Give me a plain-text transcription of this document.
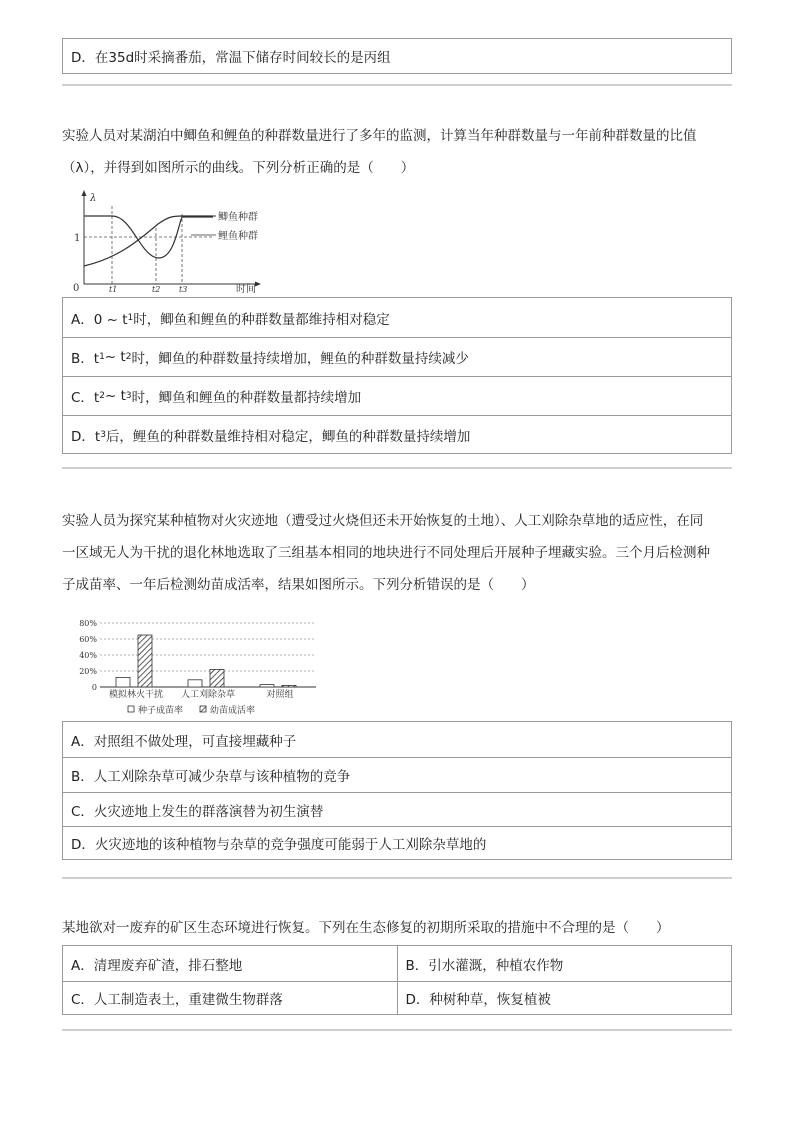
D．在35d时采摘番茄，常温下储存时间较长的是丙组
实验人员对某湖泊中鲫鱼和鲤鱼的种群数量进行了多年的监测，计算当年种群数量与一年前种群数量的比值
（λ），并得到如图所示的曲线。下列分析正确的是（　　）
λ
1
0
鲫鱼种群
鲤鱼种群
t1	t2 t3	时间
A．0 ~ t 1 时，鲫鱼和鲤鱼的种群数量都维持相对稳定
B．t 1 ~ t 2 时，鲫鱼的种群数量持续增加，鲤鱼的种群数量持续减少
C．t 2 ~ t 3 时，鲫鱼和鲤鱼的种群数量都持续增加
D．t 3 后，鲤鱼的种群数量维持相对稳定，鲫鱼的种群数量持续增加
实验人员为探究某种植物对火灾迹地（遭受过火烧但还未开始恢复的土地）、人工刈除杂草地的适应性，在同
一区域无人为干扰的退化林地选取了三组基本相同的地块进行不同处理后开展种子埋藏实验。三个月后检测种
子成苗率、一年后检测幼苗成活率，结果如图所示。下列分析错误的是（　　）
0
20%
40%
60%
80%
模拟林火干扰 人工刈除杂草	对照组
种子成苗率	幼苗成活率
A．对照组不做处理，可直接埋藏种子
B．人工刈除杂草可减少杂草与该种植物的竞争
C．火灾迹地上发生的群落演替为初生演替
D．火灾迹地的该种植物与杂草的竞争强度可能弱于人工刈除杂草地的
某地欲对一废弃的矿区生态环境进行恢复。下列在生态修复的初期所采取的措施中不合理的是（　　）
A．清理废弃矿渣，排石整地	B．引水灌溉，种植农作物
C．人工制造表土，重建微生物群落	D．种树种草，恢复植被
